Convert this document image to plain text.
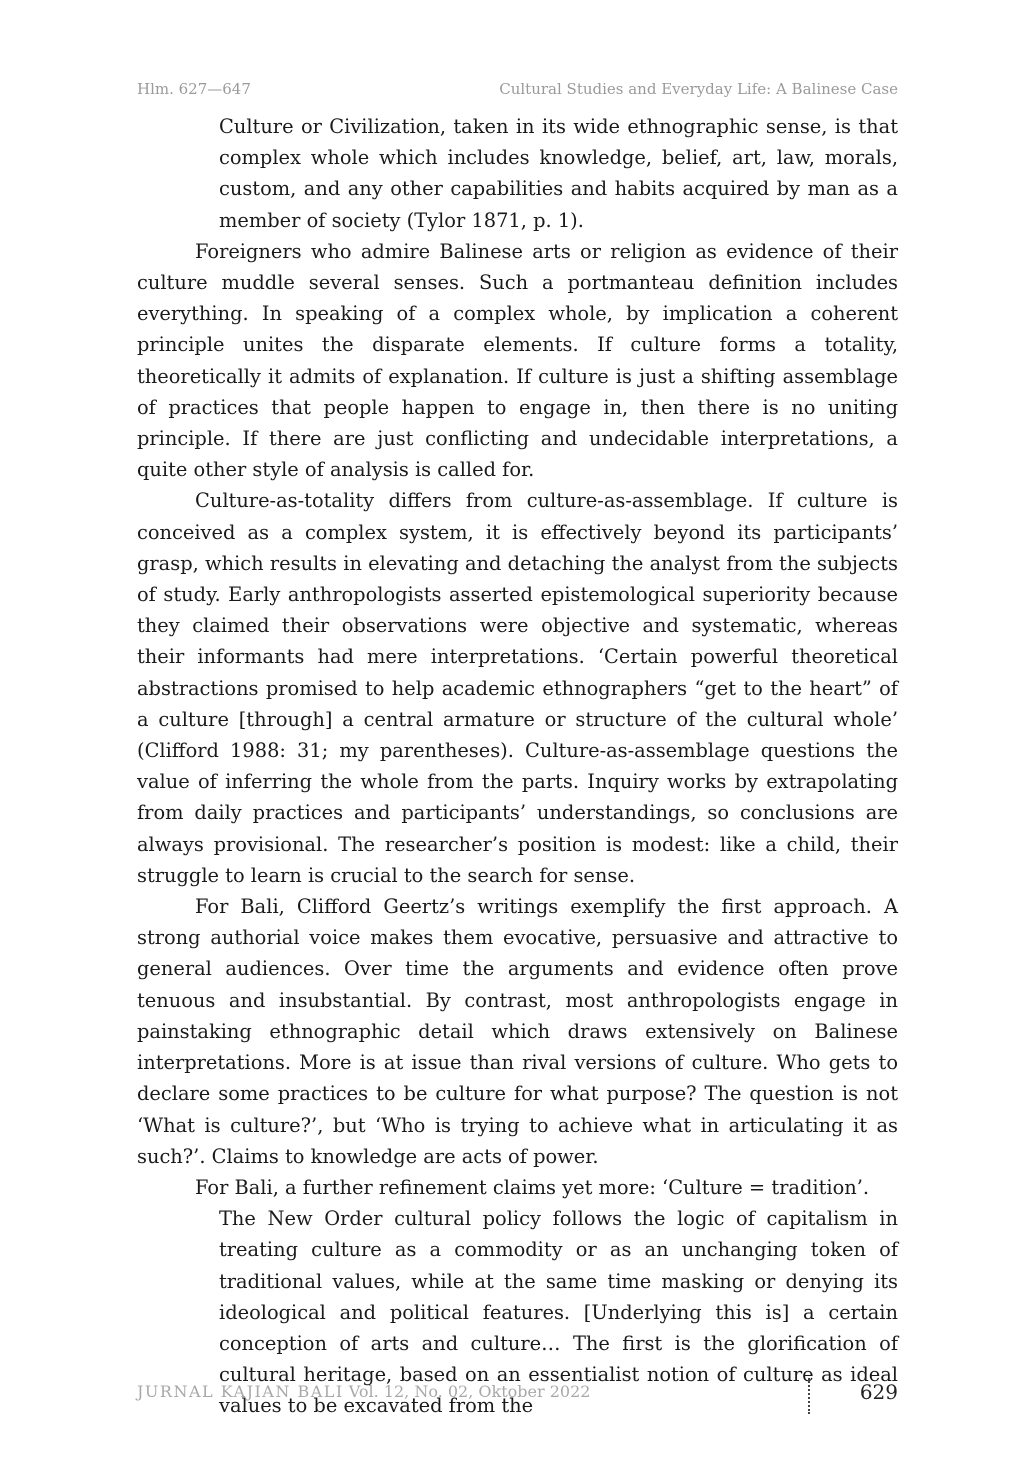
Hlm. 627—647	Cultural Studies and Everyday Life: A Balinese Case

Culture or Civilization, taken in its wide ethnographic sense, is that complex whole which includes knowledge, belief, art, law, morals, custom, and any other capabilities and habits acquired by man as a member of society (Tylor 1871, p. 1).

Foreigners who admire Balinese arts or religion as evidence of their culture muddle several senses. Such a portmanteau definition includes everything. In speaking of a complex whole, by implication a coherent principle unites the disparate elements. If culture forms a totality, theoretically it admits of explanation. If culture is just a shifting assemblage of practices that people happen to engage in, then there is no uniting principle. If there are just conflicting and undecidable interpretations, a quite other style of analysis is called for.

Culture-as-totality differs from culture-as-assemblage. If culture is conceived as a complex system, it is effectively beyond its participants’ grasp, which results in elevating and detaching the analyst from the subjects of study. Early anthropologists asserted epistemological superiority because they claimed their observations were objective and systematic, whereas their informants had mere interpretations. ‘Certain powerful theoretical abstractions promised to help academic ethnographers “get to the heart” of a culture [through] a central armature or structure of the cultural whole’ (Clifford 1988: 31; my parentheses). Culture-as-assemblage questions the value of inferring the whole from the parts. Inquiry works by extrapolating from daily practices and participants’ understandings, so conclusions are always provisional. The researcher’s position is modest: like a child, their struggle to learn is crucial to the search for sense.

For Bali, Clifford Geertz’s writings exemplify the first approach. A strong authorial voice makes them evocative, persuasive and attractive to general audiences. Over time the arguments and evidence often prove tenuous and insubstantial. By contrast, most anthropologists engage in painstaking ethnographic detail which draws extensively on Balinese interpretations. More is at issue than rival versions of culture. Who gets to declare some practices to be culture for what purpose? The question is not ‘What is culture?’, but ‘Who is trying to achieve what in articulating it as such?’. Claims to knowledge are acts of power.

For Bali, a further refinement claims yet more: ‘Culture = tradition’.

The New Order cultural policy follows the logic of capitalism in treating culture as a commodity or as an unchanging token of traditional values, while at the same time masking or denying its ideological and political features. [Underlying this is] a certain conception of arts and culture… The first is the glorification of cultural heritage, based on an essentialist notion of culture as ideal values to be excavated from the

JURNAL KAJIAN BALI Vol. 12, No. 02, Oktober 2022	629
